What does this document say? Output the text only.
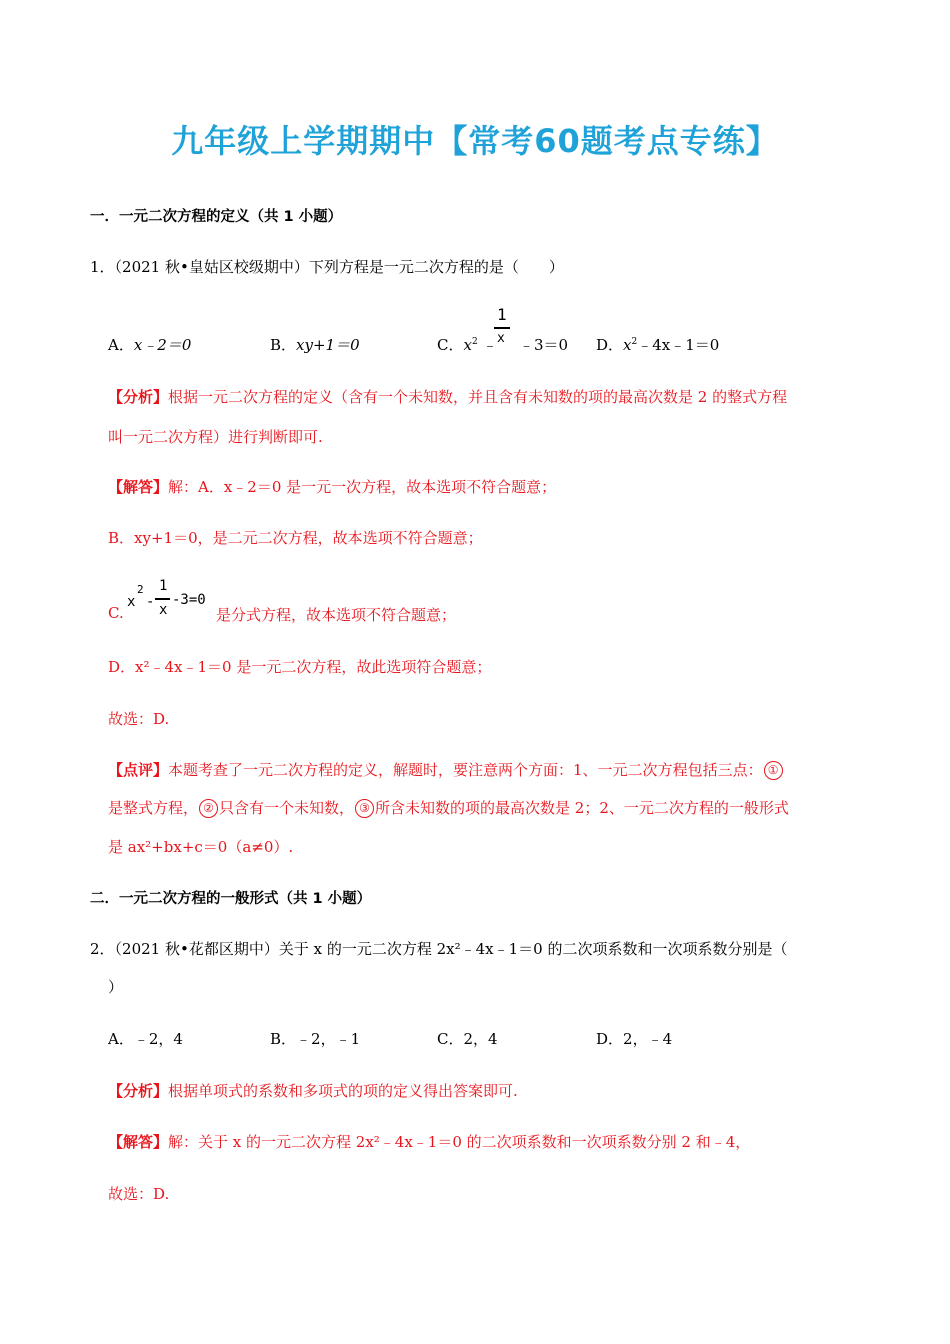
九年级上学期期中【常考60题考点专练】
一．一元二次方程的定义（共 1 小题）
1．（2021 秋•皇姑区校级期中）下列方程是一元二次方程的是（　　）
A．x﹣2＝0	B．xy+1＝0	C．$x^2$ ﹣
1
x ﹣3＝0 D．$x^2﹣4x﹣1=0$
【分析】根据一元二次方程的定义（含有一个未知数，并且含有未知数的项的最高次数是 2 的整式方程
叫一元二次方程）进行判断即可.
【解答】解：A．x﹣2＝0 是一元一次方程，故本选项不符合题意；
B．xy+1＝0，是二元二次方程，故本选项不符合题意；
C.
x
2
-
1
x
-3=0
是分式方程，故本选项不符合题意；
D．x²﹣4x﹣1＝0 是一元二次方程，故此选项符合题意；
故选：D.
【点评】本题考查了一元二次方程的定义，解题时，要注意两个方面：1、一元二次方程包括三点： ①
是整式方程， ② 只含有一个未知数， ③ 所含未知数的项的最高次数是 2；2、一元二次方程的一般形式
是 ax²+bx+c＝0（a≠0）.
二．一元二次方程的一般形式（共 1 小题）
2．（2021 秋•花都区期中）关于 x 的一元二次方程 2x²﹣4x﹣1＝0 的二次项系数和一次项系数分别是（
）
A．﹣2，4	B．﹣2，﹣1	C．2，4	D．2，﹣4
【分析】根据单项式的系数和多项式的项的定义得出答案即可.
【解答】解：关于 x 的一元二次方程 2x²﹣4x﹣1＝0 的二次项系数和一次项系数分别 2 和﹣4，
故选：D.
